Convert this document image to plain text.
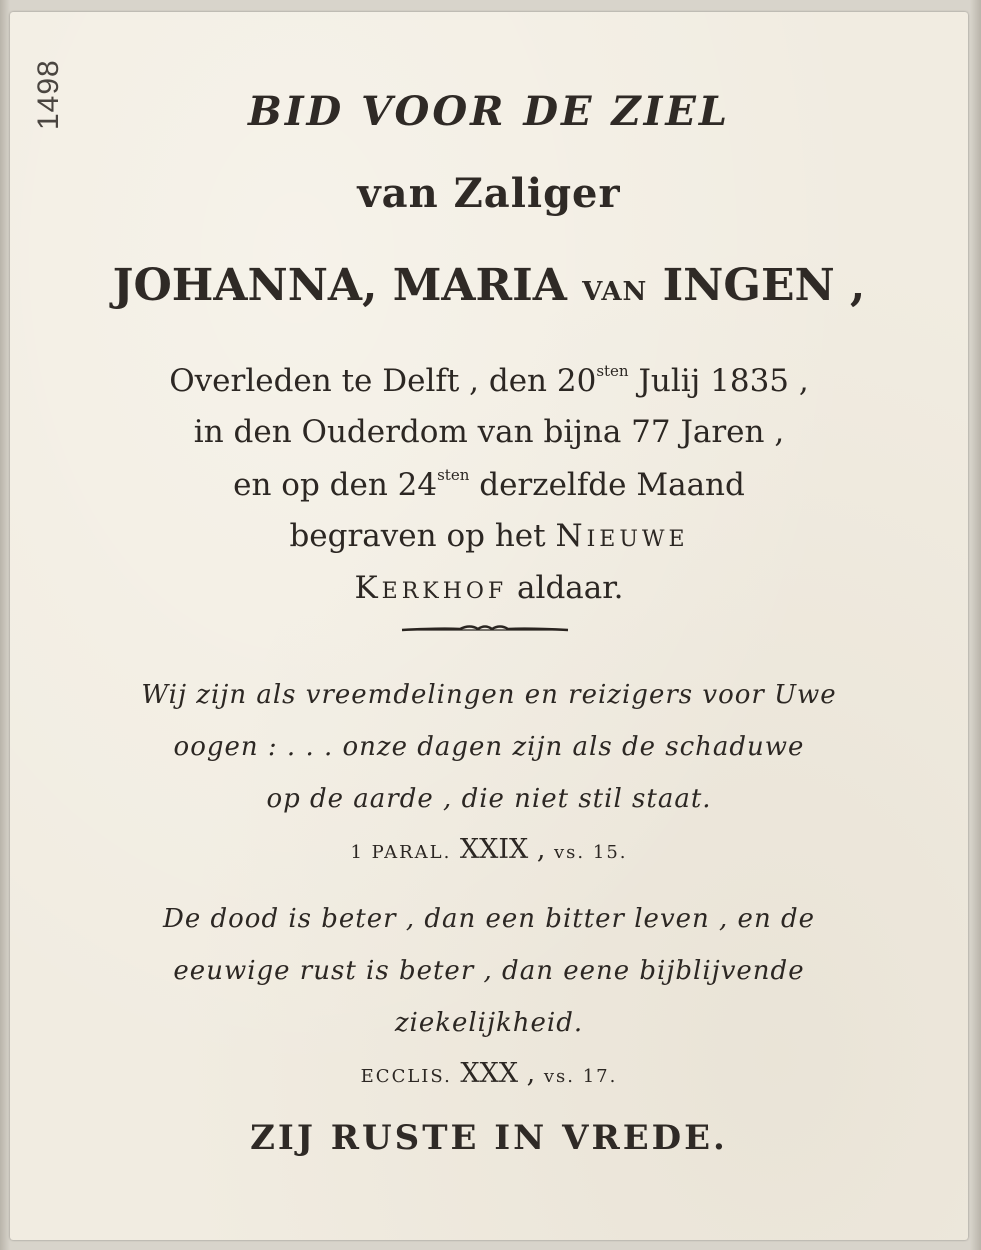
1498	BID VOOR DE ZIEL
van Zaliger
JOHANNA, MARIA VAN INGEN ,
Overleden te Delft , den $20^{sten}$ Julij 1835 ,
in den Ouderdom van bijna 77 Jaren ,
en op den $24^{sten}$ derzelfde Maand
begraven op het Nieuwe
Kerkhof aldaar.
Wij zijn als vreemdelingen en reizigers voor Uwe
oogen : . . . onze dagen zijn als de schaduwe
op de aarde , die niet stil staat.
1 PARAL. XXIX , vs. 15.
De dood is beter , dan een bitter leven , en de
eeuwige rust is beter , dan eene bijblijvende
ziekelijkheid.
ECCLIS. XXX , vs. 17.
ZIJ RUSTE IN VREDE.
